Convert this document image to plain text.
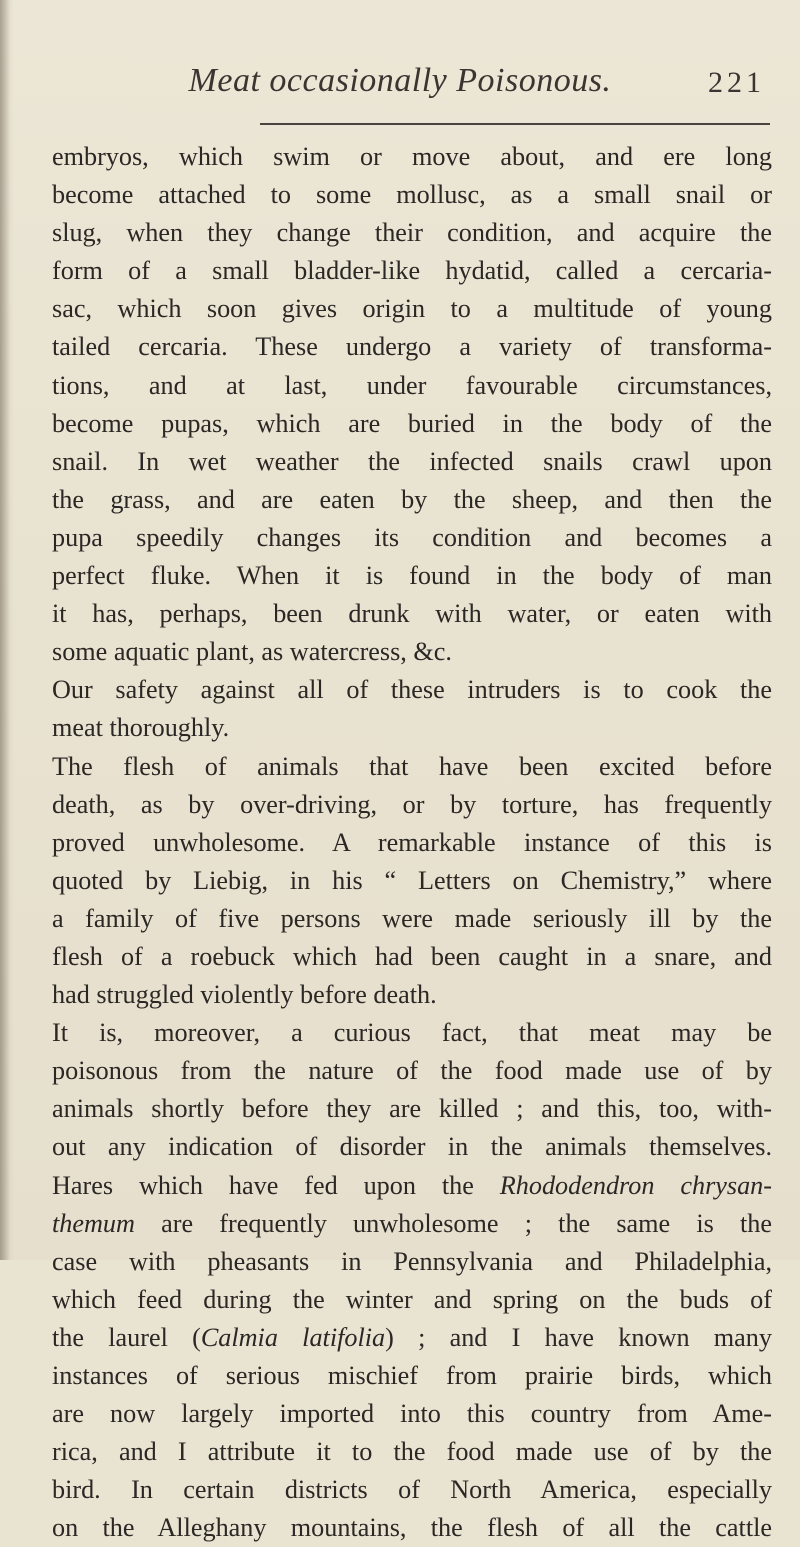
Meat occasionally Poisonous.	221
embryos, which swim or move about, and ere long
become attached to some mollusc, as a small snail or
slug, when they change their condition, and acquire the
form of a small bladder-like hydatid, called a cercaria-
sac, which soon gives origin to a multitude of young
tailed cercaria. These undergo a variety of transforma-
tions, and at last, under favourable circumstances,
become pupas, which are buried in the body of the
snail. In wet weather the infected snails crawl upon
the grass, and are eaten by the sheep, and then the
pupa speedily changes its condition and becomes a
perfect fluke. When it is found in the body of man
it has, perhaps, been drunk with water, or eaten with
some aquatic plant, as watercress, &c.
Our safety against all of these intruders is to cook the
meat thoroughly.
The flesh of animals that have been excited before
death, as by over-driving, or by torture, has frequently
proved unwholesome. A remarkable instance of this is
quoted by Liebig, in his “ Letters on Chemistry,” where
a family of five persons were made seriously ill by the
flesh of a roebuck which had been caught in a snare, and
had struggled violently before death.
It is, moreover, a curious fact, that meat may be
poisonous from the nature of the food made use of by
animals shortly before they are killed ; and this, too, with-
out any indication of disorder in the animals themselves.
Hares which have fed upon the Rhododendron chrysan-
themum are frequently unwholesome ; the same is the
case with pheasants in Pennsylvania and Philadelphia,
which feed during the winter and spring on the buds of
the laurel (Calmia latifolia) ; and I have known many
instances of serious mischief from prairie birds, which
are now largely imported into this country from Ame-
rica, and I attribute it to the food made use of by the
bird. In certain districts of North America, especially
on the Alleghany mountains, the flesh of all the cattle
